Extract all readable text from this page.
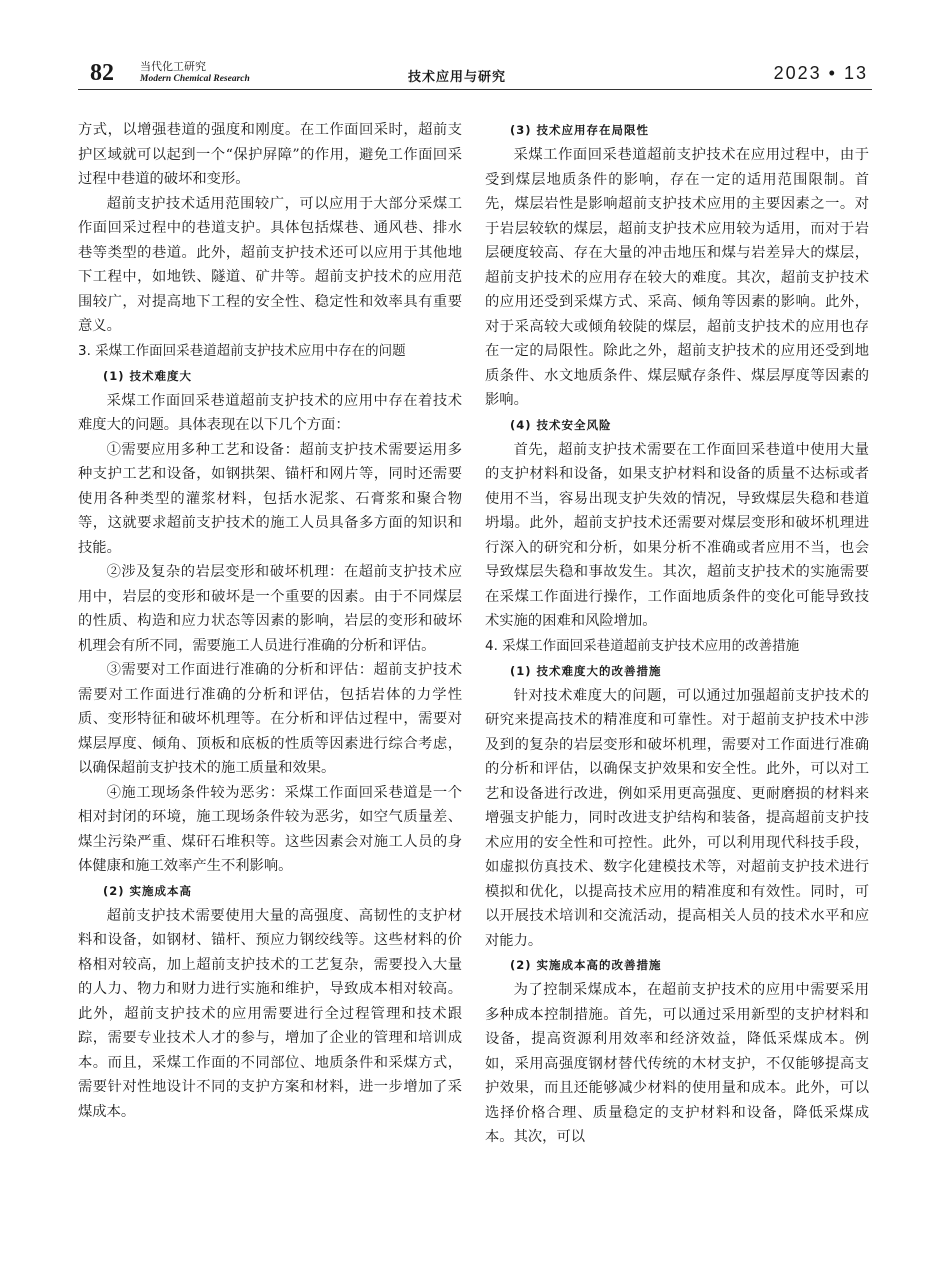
82 当代化工研究
Modern Chemical Research	技术应用与研究	2023 • 13

方式，以增强巷道的强度和刚度。在工作面回采时，超前支护区域就可以起到一个“保护屏障”的作用，避免工作面回采过程中巷道的破坏和变形。

超前支护技术适用范围较广，可以应用于大部分采煤工作面回采过程中的巷道支护。具体包括煤巷、通风巷、排水巷等类型的巷道。此外，超前支护技术还可以应用于其他地下工程中，如地铁、隧道、矿井等。超前支护技术的应用范围较广，对提高地下工程的安全性、稳定性和效率具有重要意义。

3. 采煤工作面回采巷道超前支护技术应用中存在的问题
(1) 技术难度大

采煤工作面回采巷道超前支护技术的应用中存在着技术难度大的问题。具体表现在以下几个方面：

①需要应用多种工艺和设备：超前支护技术需要运用多种支护工艺和设备，如钢拱架、锚杆和网片等，同时还需要使用各种类型的灌浆材料，包括水泥浆、石膏浆和聚合物等，这就要求超前支护技术的施工人员具备多方面的知识和技能。

②涉及复杂的岩层变形和破坏机理：在超前支护技术应用中，岩层的变形和破坏是一个重要的因素。由于不同煤层的性质、构造和应力状态等因素的影响，岩层的变形和破坏机理会有所不同，需要施工人员进行准确的分析和评估。

③需要对工作面进行准确的分析和评估：超前支护技术需要对工作面进行准确的分析和评估，包括岩体的力学性质、变形特征和破坏机理等。在分析和评估过程中，需要对煤层厚度、倾角、顶板和底板的性质等因素进行综合考虑，以确保超前支护技术的施工质量和效果。

④施工现场条件较为恶劣：采煤工作面回采巷道是一个相对封闭的环境，施工现场条件较为恶劣，如空气质量差、煤尘污染严重、煤矸石堆积等。这些因素会对施工人员的身体健康和施工效率产生不利影响。

(2) 实施成本高

超前支护技术需要使用大量的高强度、高韧性的支护材料和设备，如钢材、锚杆、预应力钢绞线等。这些材料的价格相对较高，加上超前支护技术的工艺复杂，需要投入大量的人力、物力和财力进行实施和维护，导致成本相对较高。此外，超前支护技术的应用需要进行全过程管理和技术跟踪，需要专业技术人才的参与，增加了企业的管理和培训成本。而且，采煤工作面的不同部位、地质条件和采煤方式，需要针对性地设计不同的支护方案和材料，进一步增加了采煤成本。

(3) 技术应用存在局限性

采煤工作面回采巷道超前支护技术在应用过程中，由于受到煤层地质条件的影响，存在一定的适用范围限制。首先，煤层岩性是影响超前支护技术应用的主要因素之一。对于岩层较软的煤层，超前支护技术应用较为适用，而对于岩层硬度较高、存在大量的冲击地压和煤与岩差异大的煤层，超前支护技术的应用存在较大的难度。其次，超前支护技术的应用还受到采煤方式、采高、倾角等因素的影响。此外，对于采高较大或倾角较陡的煤层，超前支护技术的应用也存在一定的局限性。除此之外，超前支护技术的应用还受到地质条件、水文地质条件、煤层赋存条件、煤层厚度等因素的影响。

(4) 技术安全风险

首先，超前支护技术需要在工作面回采巷道中使用大量的支护材料和设备，如果支护材料和设备的质量不达标或者使用不当，容易出现支护失效的情况，导致煤层失稳和巷道坍塌。此外，超前支护技术还需要对煤层变形和破坏机理进行深入的研究和分析，如果分析不准确或者应用不当，也会导致煤层失稳和事故发生。其次，超前支护技术的实施需要在采煤工作面进行操作，工作面地质条件的变化可能导致技术实施的困难和风险增加。

4. 采煤工作面回采巷道超前支护技术应用的改善措施
(1) 技术难度大的改善措施

针对技术难度大的问题，可以通过加强超前支护技术的研究来提高技术的精准度和可靠性。对于超前支护技术中涉及到的复杂的岩层变形和破坏机理，需要对工作面进行准确的分析和评估，以确保支护效果和安全性。此外，可以对工艺和设备进行改进，例如采用更高强度、更耐磨损的材料来增强支护能力，同时改进支护结构和装备，提高超前支护技术应用的安全性和可控性。此外，可以利用现代科技手段，如虚拟仿真技术、数字化建模技术等，对超前支护技术进行模拟和优化，以提高技术应用的精准度和有效性。同时，可以开展技术培训和交流活动，提高相关人员的技术水平和应对能力。

(2) 实施成本高的改善措施

为了控制采煤成本，在超前支护技术的应用中需要采用多种成本控制措施。首先，可以通过采用新型的支护材料和设备，提高资源利用效率和经济效益，降低采煤成本。例如，采用高强度钢材替代传统的木材支护，不仅能够提高支护效果，而且还能够减少材料的使用量和成本。此外，可以选择价格合理、质量稳定的支护材料和设备，降低采煤成本。其次，可以
